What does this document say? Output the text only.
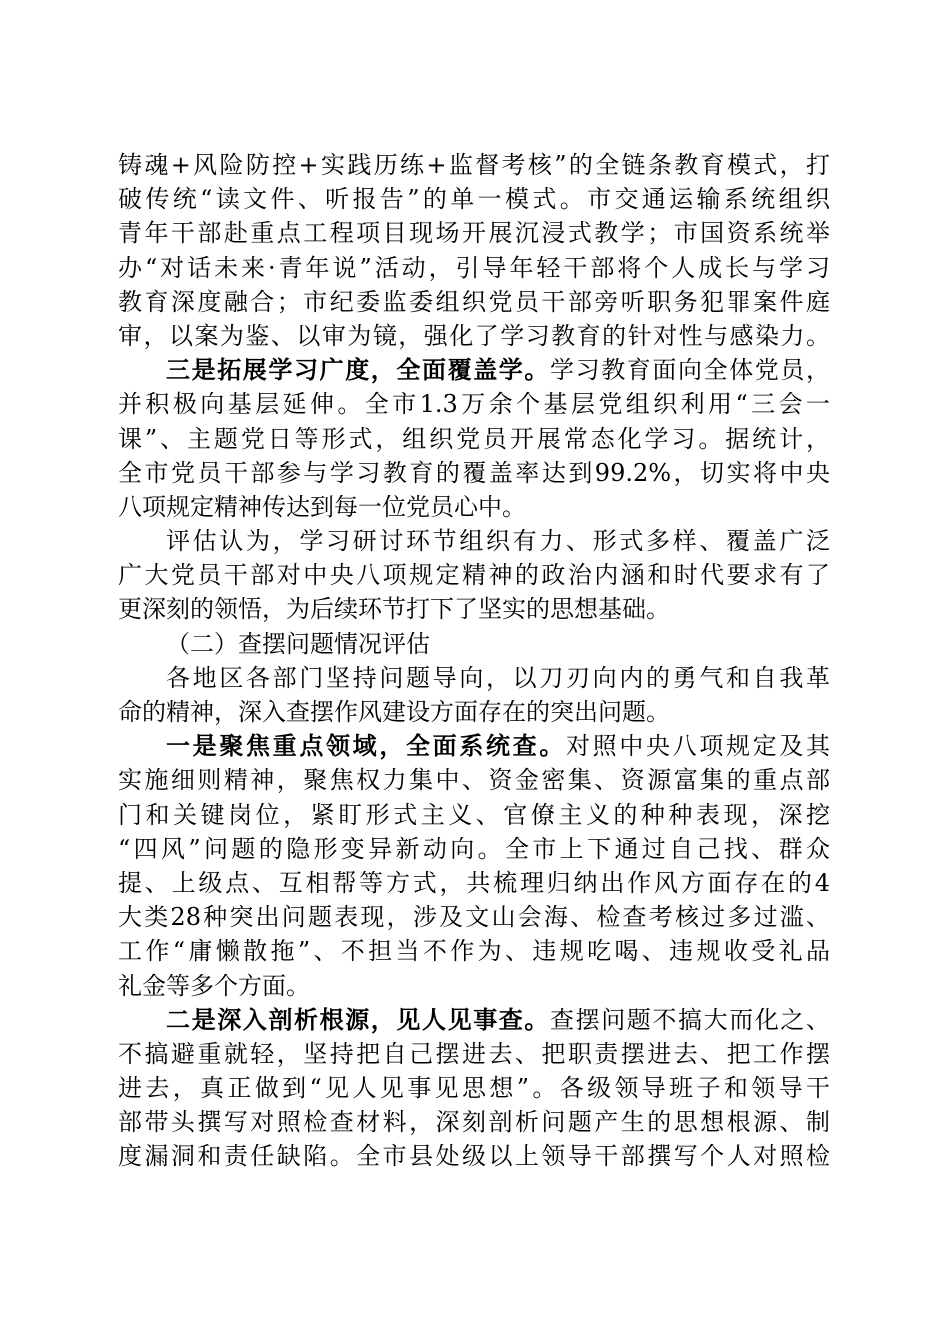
铸魂+风险防控+实践历练+监督考核”的全链条教育模式，打
破传统“读文件、听报告”的单一模式。市交通运输系统组织
青年干部赴重点工程项目现场开展沉浸式教学；市国资系统举
办“对话未来·青年说”活动，引导年轻干部将个人成长与学习
教育深度融合；市纪委监委组织党员干部旁听职务犯罪案件庭
审，以案为鉴、以审为镜，强化了学习教育的针对性与感染力。
三是拓展学习广度，全面覆盖学。学习教育面向全体党员，
并积极向基层延伸。全市1.3万余个基层党组织利用“三会一
课”、主题党日等形式，组织党员开展常态化学习。据统计，
全市党员干部参与学习教育的覆盖率达到99.2%，切实将中央
八项规定精神传达到每一位党员心中。
评估认为，学习研讨环节组织有力、形式多样、覆盖广泛
广大党员干部对中央八项规定精神的政治内涵和时代要求有了
更深刻的领悟，为后续环节打下了坚实的思想基础。
（二）查摆问题情况评估
各地区各部门坚持问题导向，以刀刃向内的勇气和自我革
命的精神，深入查摆作风建设方面存在的突出问题。
一是聚焦重点领域，全面系统查。对照中央八项规定及其
实施细则精神，聚焦权力集中、资金密集、资源富集的重点部
门和关键岗位，紧盯形式主义、官僚主义的种种表现，深挖
“四风”问题的隐形变异新动向。全市上下通过自己找、群众
提、上级点、互相帮等方式，共梳理归纳出作风方面存在的4
大类28种突出问题表现，涉及文山会海、检查考核过多过滥、
工作“庸懒散拖”、不担当不作为、违规吃喝、违规收受礼品
礼金等多个方面。
二是深入剖析根源，见人见事查。查摆问题不搞大而化之、
不搞避重就轻，坚持把自己摆进去、把职责摆进去、把工作摆
进去，真正做到“见人见事见思想”。各级领导班子和领导干
部带头撰写对照检查材料，深刻剖析问题产生的思想根源、制
度漏洞和责任缺陷。全市县处级以上领导干部撰写个人对照检
